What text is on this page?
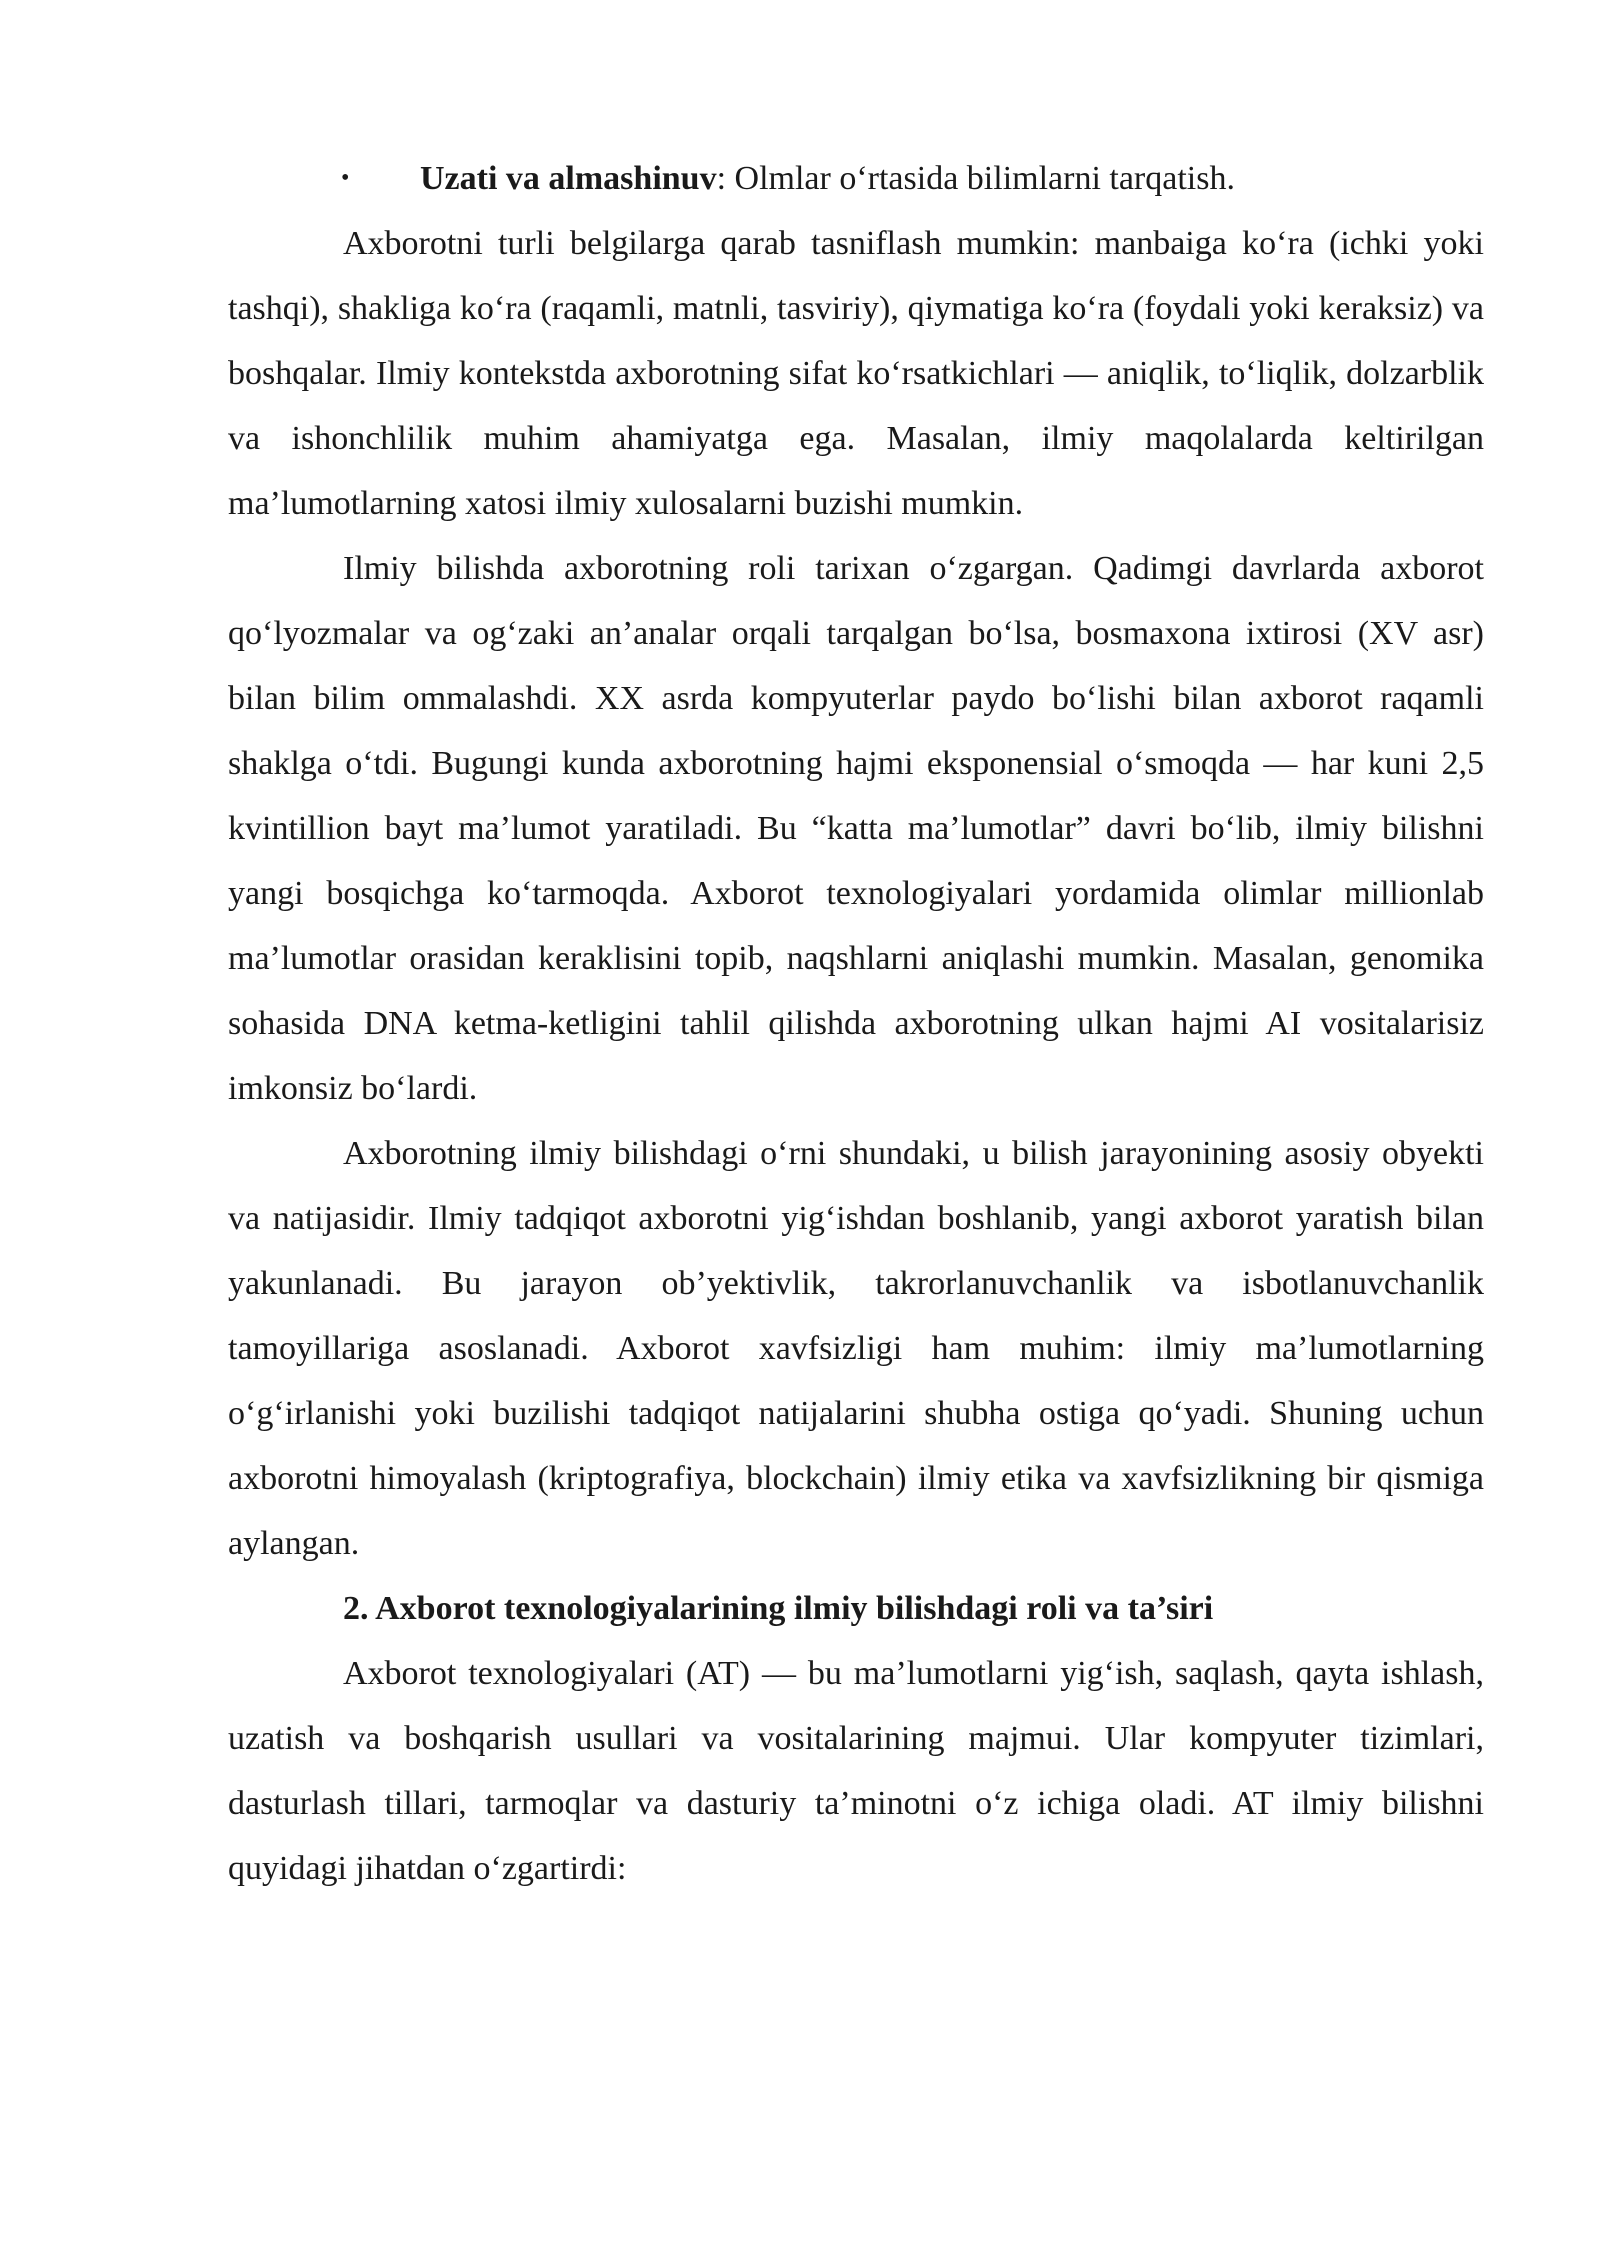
• Uzati va almashinuv: Olmlar o‘rtasida bilimlarni tarqatish.

Axborotni turli belgilarga qarab tasniflash mumkin: manbaiga ko‘ra (ichki yoki tashqi), shakliga ko‘ra (raqamli, matnli, tasviriy), qiymatiga ko‘ra (foydali yoki keraksiz) va boshqalar. Ilmiy kontekstda axborotning sifat ko‘rsatkichlari — aniqlik, to‘liqlik, dolzarblik va ishonchlilik muhim ahamiyatga ega. Masalan, ilmiy maqolalarda keltirilgan ma’lumotlarning xatosi ilmiy xulosalarni buzishi mumkin.

Ilmiy bilishda axborotning roli tarixan o‘zgargan. Qadimgi davrlarda axborot qo‘lyozmalar va og‘zaki an’analar orqali tarqalgan bo‘lsa, bosmaxona ixtirosi (XV asr) bilan bilim ommalashdi. XX asrda kompyuterlar paydo bo‘lishi bilan axborot raqamli shaklga o‘tdi. Bugungi kunda axborotning hajmi eksponensial o‘smoqda — har kuni 2,5 kvintillion bayt ma’lumot yaratiladi. Bu “katta ma’lumotlar” davri bo‘lib, ilmiy bilishni yangi bosqichga ko‘tarmoqda. Axborot texnologiyalari yordamida olimlar millionlab ma’lumotlar orasidan keraklisini topib, naqshlarni aniqlashi mumkin. Masalan, genomika sohasida DNA ketma-ketligini tahlil qilishda axborotning ulkan hajmi AI vositalarisiz imkonsiz bo‘lardi.

Axborotning ilmiy bilishdagi o‘rni shundaki, u bilish jarayonining asosiy obyekti va natijasidir. Ilmiy tadqiqot axborotni yig‘ishdan boshlanib, yangi axborot yaratish bilan yakunlanadi. Bu jarayon ob’yektivlik, takrorlanuvchanlik va isbotlanuvchanlik tamoyillariga asoslanadi. Axborot xavfsizligi ham muhim: ilmiy ma’lumotlarning o‘g‘irlanishi yoki buzilishi tadqiqot natijalarini shubha ostiga qo‘yadi. Shuning uchun axborotni himoyalash (kriptografiya, blockchain) ilmiy etika va xavfsizlikning bir qismiga aylangan.

2. Axborot texnologiyalarining ilmiy bilishdagi roli va ta’siri

Axborot texnologiyalari (AT) — bu ma’lumotlarni yig‘ish, saqlash, qayta ishlash, uzatish va boshqarish usullari va vositalarining majmui. Ular kompyuter tizimlari, dasturlash tillari, tarmoqlar va dasturiy ta’minotni o‘z ichiga oladi. AT ilmiy bilishni quyidagi jihatdan o‘zgartirdi:
